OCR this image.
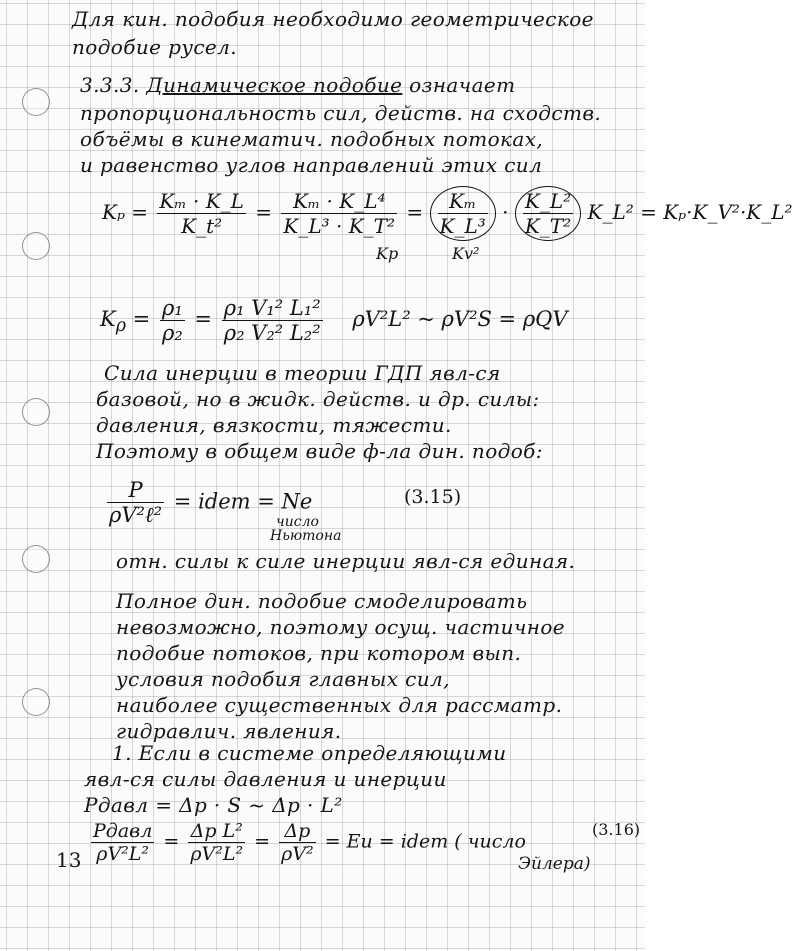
Для кин. подобия необходимо геометрическое
подобие русел.
3.3.3. Динамическое подобие означает
пропорциональность сил, действ. на сходств.
объёмы в кинематич. подобных потоках,
и равенство углов направлений этих сил
$K_p = \frac{\text{Kₘ · K\_L}}{\text{K\_t²}} = \frac{\text{Kₘ · K\_L⁴}}{\text{K\_L³ · K\_T²}} = \frac{\text{Kₘ}}{\text{K\_L³}} \cdot \frac{\text{K\_L²}}{\text{K\_T²}}$ K_L² = Kₚ·K_V²·K_L²
Kp	Kv²
$K_\rho = \frac{\text{ρ₁}}{\text{ρ₂}} = \frac{\text{ρ₁ V₁² L₁²}}{\text{ρ₂ V₂² L₂²}} \rho V^2L^2$ ~ ρV²S = ρQV
Сила инерции в теории ГДП явл-ся
базовой, но в жидк. действ. и др. силы:
давления, вязкости, тяжести.
Поэтому в общем виде ф-ла дин. подоб:
$\frac{P}{\text{ρV²ℓ²}}$ = idem = Ne	(3.15)
число
Ньютона
отн. силы к силе инерции явл-ся единая.
Полное дин. подобие смоделировать
невозможно, поэтому осущ. частичное
подобие потоков, при котором вып.
условия подобия главных сил,
наиболее существенных для рассматр.
гидравлич. явления.
1. Если в системе определяющими
явл-ся силы давления и инерции
Pдавл = Δp · S ~ Δp · L²
$13 \frac{\text{Pдавл}}{\text{ρV²L²}} = \frac{\text{Δp L²}}{\text{ρV²L²}} = \frac{\Delta p}{\text{ρV²}} = Eu$ = idem ( число
Эйлера)
(3.16)
